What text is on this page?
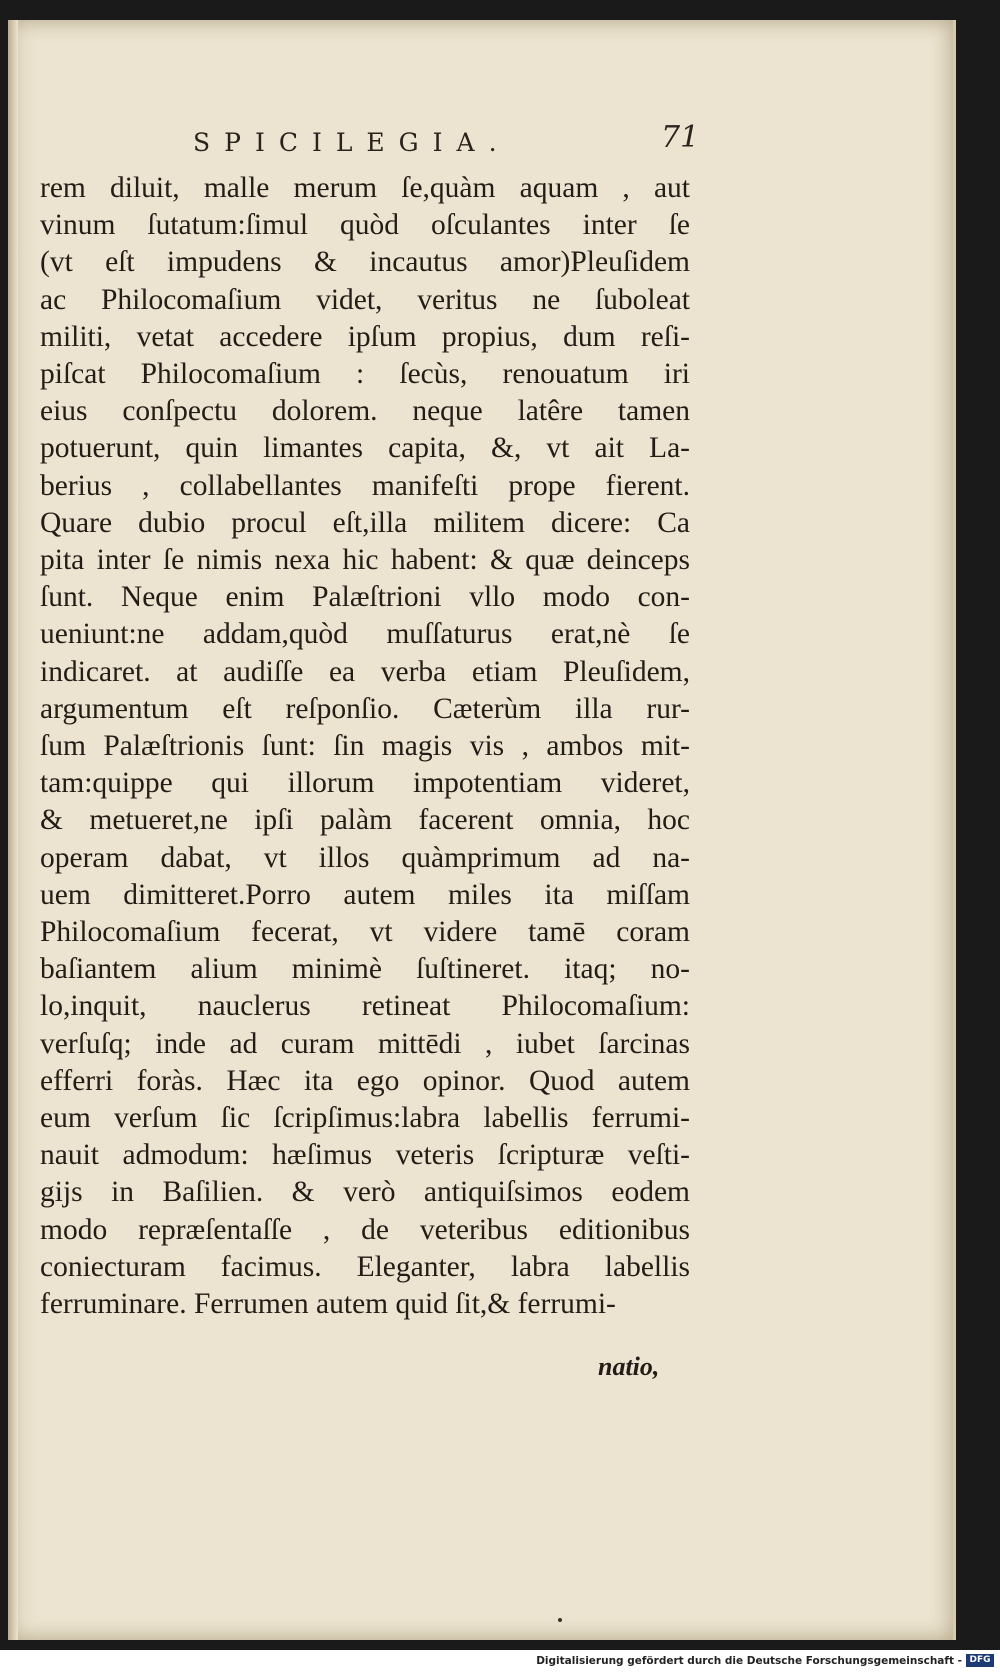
SPICILEGIA.	71
rem diluit, malle merum ſe,quàm aquam , aut
vinum ſutatum:ſimul quòd oſculantes inter ſe
(vt eſt impudens & incautus amor)Pleuſidem
ac Philocomaſium videt, veritus ne ſuboleat
militi, vetat accedere ipſum propius, dum reſi-
piſcat Philocomaſium : ſecùs, renouatum iri
eius conſpectu dolorem. neque latêre tamen
potuerunt, quin limantes capita, &, vt ait La-
berius , collabellantes manifeſti prope fierent.
Quare dubio procul eſt,illa militem dicere: Ca
pita inter ſe nimis nexa hic habent: & quæ deinceps
ſunt. Neque enim Palæſtrioni vllo modo con-
ueniunt:ne addam,quòd muſſaturus erat,nè ſe
indicaret. at audiſſe ea verba etiam Pleuſidem,
argumentum eſt reſponſio. Cæterùm illa rur-
ſum Palæſtrionis ſunt: ſin magis vis , ambos mit-
tam:quippe qui illorum impotentiam videret,
& metueret,ne ipſi palàm facerent omnia, hoc
operam dabat, vt illos quàmprimum ad na-
uem dimitteret.Porro autem miles ita miſſam
Philocomaſium fecerat, vt videre tamē coram
baſiantem alium minimè ſuſtineret. itaq; no-
lo,inquit, nauclerus retineat Philocomaſium:
verſuſq; inde ad curam mittēdi , iubet ſarcinas
efferri foràs. Hæc ita ego opinor. Quod autem
eum verſum ſic ſcripſimus:labra labellis ferrumi-
nauit admodum: hæſimus veteris ſcripturæ veſti-
gijs in Baſilien. & verò antiquiſsimos eodem
modo repræſentaſſe , de veteribus editionibus
coniecturam facimus. Eleganter, labra labellis
ferruminare. Ferrumen autem quid ſit,& ferrumi-
natio,
Digitalisierung gefördert durch die Deutsche Forschungsgemeinschaft - DFG
